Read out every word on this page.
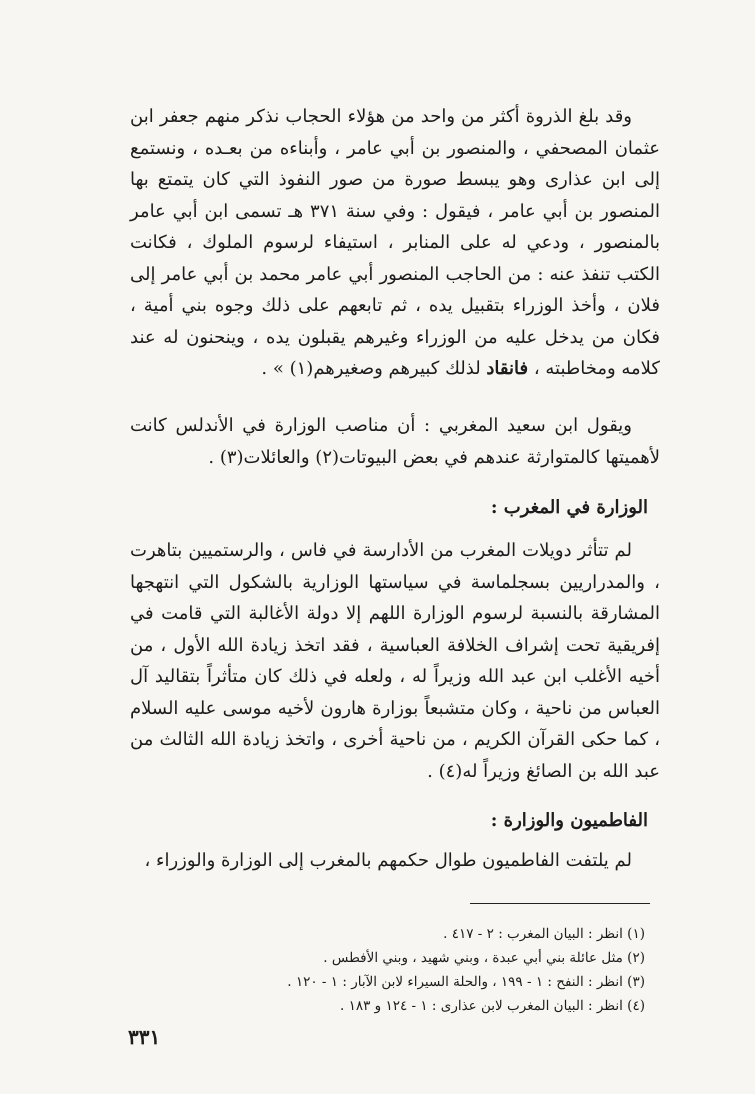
وقد بلغ الذروة أكثر من واحد من هؤلاء الحجاب نذكر منهم جعفر ابن عثمان المصحفي ، والمنصور بن أبي عامر ، وأبناءه من بعـده ، ونستمع إلى ابن عذارى وهو يبسط صورة من صور النفوذ التي كان يتمتع بها المنصور بن أبي عامر ، فيقول : وفي سنة ٣٧١ هـ تسمى ابن أبي عامر بالمنصور ، ودعي له على المنابر ، استيفاء لرسوم الملوك ، فكانت الكتب تنفذ عنه : من الحاجب المنصور أبي عامر محمد بن أبي عامر إلى فلان ، وأخذ الوزراء بتقبيل يده ، ثم تابعهم على ذلك وجوه بني أمية ، فكان من يدخل عليه من الوزراء وغيرهم يقبلون يده ، وينحنون له عند كلامه ومخاطبته ، فانقاد لذلك كبيرهم وصغيرهم(١) » .

ويقول ابن سعيد المغربي : أن مناصب الوزارة في الأندلس كانت لأهميتها كالمتوارثة عندهم في بعض البيوتات(٢) والعائلات(٣) .

الوزارة في المغرب :

لم تتأثر دويلات المغرب من الأدارسة في فاس ، والرستميين بتاهرت ، والمدراريين بسجلماسة في سياستها الوزارية بالشكول التي انتهجها المشارقة بالنسبة لرسوم الوزارة اللهم إلا دولة الأغالبة التي قامت في إفريقية تحت إشراف الخلافة العباسية ، فقد اتخذ زيادة الله الأول ، من أخيه الأغلب ابن عبد الله وزيراً له ، ولعله في ذلك كان متأثراً بتقاليد آل العباس من ناحية ، وكان متشبعاً بوزارة هارون لأخيه موسى عليه السلام ، كما حكى القرآن الكريم ، من ناحية أخرى ، واتخذ زيادة الله الثالث من عبد الله بن الصائغ وزيراً له(٤) .

الفاطميون والوزارة :

لم يلتفت الفاطميون طوال حكمهم بالمغرب إلى الوزارة والوزراء ،

(١) انظر : البيان المغرب : ٢ - ٤١٧ .
(٢) مثل عائلة بني أبي عبدة ، وبني شهيد ، وبني الأفطس .
(٣) انظر : النفح : ١ - ١٩٩ ، والحلة السيراء لابن الآبار : ١ - ١٢٠ .
(٤) انظر : البيان المغرب لابن عذارى : ١ - ١٢٤ و ١٨٣ .
٣٣١
